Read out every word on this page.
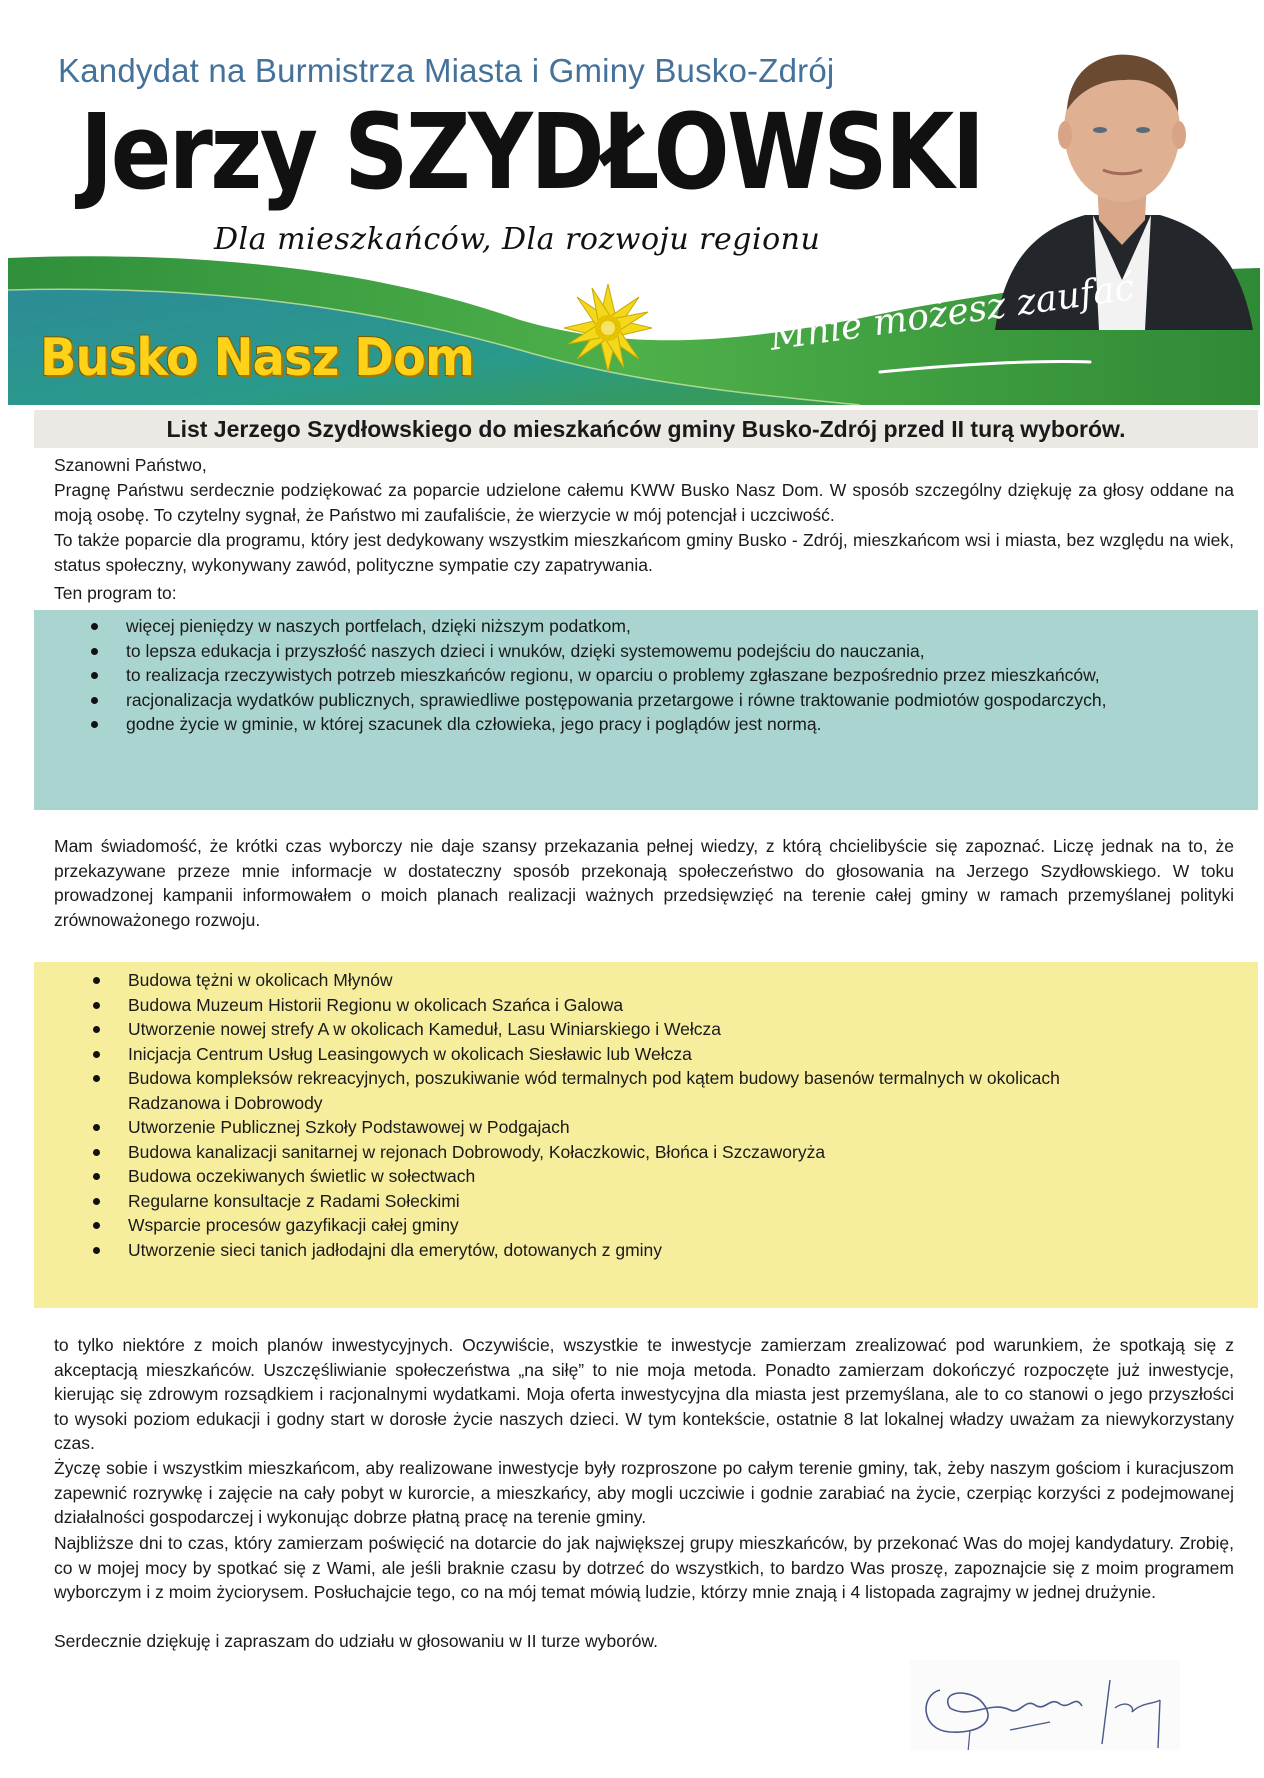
Kandydat na Burmistrza Miasta i Gminy Busko-Zdrój
Jerzy SZYDŁOWSKI
Dla mieszkańców, Dla rozwoju regionu
Busko Nasz Dom	Mnie możesz zaufać
List Jerzego Szydłowskiego do mieszkańców gminy Busko-Zdrój przed II turą wyborów.
Szanowni Państwo,
Pragnę Państwu serdecznie podziękować za poparcie udzielone całemu KWW Busko Nasz Dom. W sposób szczególny dziękuję za głosy oddane na moją osobę. To czytelny sygnał, że Państwo mi zaufaliście, że wierzycie w mój potencjał i uczciwość.
To także poparcie dla programu, który jest dedykowany wszystkim mieszkańcom gminy Busko - Zdrój, mieszkańcom wsi i miasta, bez względu na wiek, status społeczny, wykonywany zawód, polityczne sympatie czy zapatrywania.
Ten program to:
więcej pieniędzy w naszych portfelach, dzięki niższym podatkom,
to lepsza edukacja i przyszłość naszych dzieci i wnuków, dzięki systemowemu podejściu do nauczania,
to realizacja rzeczywistych potrzeb mieszkańców regionu, w oparciu o problemy zgłaszane bezpośrednio przez mieszkańców,
racjonalizacja wydatków publicznych, sprawiedliwe postępowania przetargowe i równe traktowanie podmiotów gospodarczych,
godne życie w gminie, w której szacunek dla człowieka, jego pracy i poglądów jest normą.
Mam świadomość, że krótki czas wyborczy nie daje szansy przekazania pełnej wiedzy, z którą chcielibyście się zapoznać. Liczę jednak na to, że przekazywane przeze mnie informacje w dostateczny sposób przekonają społeczeństwo do głosowania na Jerzego Szydłowskiego. W toku prowadzonej kampanii informowałem o moich planach realizacji ważnych przedsięwzięć na terenie całej gminy w ramach przemyślanej polityki zrównoważonego rozwoju.
Budowa tężni w okolicach Młynów
Budowa Muzeum Historii Regionu w okolicach Szańca i Galowa
Utworzenie nowej strefy A w okolicach Kameduł, Lasu Winiarskiego i Wełcza
Inicjacja Centrum Usług Leasingowych w okolicach Siesławic lub Wełcza
Budowa kompleksów rekreacyjnych, poszukiwanie wód termalnych pod kątem budowy basenów termalnych w okolicach Radzanowa i Dobrowody
Utworzenie Publicznej Szkoły Podstawowej w Podgajach
Budowa kanalizacji sanitarnej w rejonach Dobrowody, Kołaczkowic, Błońca i Szczaworyża
Budowa oczekiwanych świetlic w sołectwach
Regularne konsultacje z Radami Sołeckimi
Wsparcie procesów gazyfikacji całej gminy
Utworzenie sieci tanich jadłodajni dla emerytów, dotowanych z gminy
to tylko niektóre z moich planów inwestycyjnych. Oczywiście, wszystkie te inwestycje zamierzam zrealizować pod warunkiem, że spotkają się z akceptacją mieszkańców. Uszczęśliwianie społeczeństwa „na siłę” to nie moja metoda. Ponadto zamierzam dokończyć rozpoczęte już inwestycje, kierując się zdrowym rozsądkiem i racjonalnymi wydatkami. Moja oferta inwestycyjna dla miasta jest przemyślana, ale to co stanowi o jego przyszłości to wysoki poziom edukacji i godny start w dorosłe życie naszych dzieci. W tym kontekście, ostatnie 8 lat lokalnej władzy uważam za niewykorzystany czas.
Życzę sobie i wszystkim mieszkańcom, aby realizowane inwestycje były rozproszone po całym terenie gminy, tak, żeby naszym gościom i kuracjuszom zapewnić rozrywkę i zajęcie na cały pobyt w kurorcie, a mieszkańcy, aby mogli uczciwie i godnie zarabiać na życie, czerpiąc korzyści z podejmowanej działalności gospodarczej i wykonując dobrze płatną pracę na terenie gminy.
Najbliższe dni to czas, który zamierzam poświęcić na dotarcie do jak największej grupy mieszkańców, by przekonać Was do mojej kandydatury. Zrobię, co w mojej mocy by spotkać się z Wami, ale jeśli braknie czasu by dotrzeć do wszystkich, to bardzo Was proszę, zapoznajcie się z moim programem wyborczym i z moim życiorysem. Posłuchajcie tego, co na mój temat mówią ludzie, którzy mnie znają i 4 listopada zagrajmy w jednej drużynie.
Serdecznie dziękuję i zapraszam do udziału w głosowaniu w II turze wyborów.
